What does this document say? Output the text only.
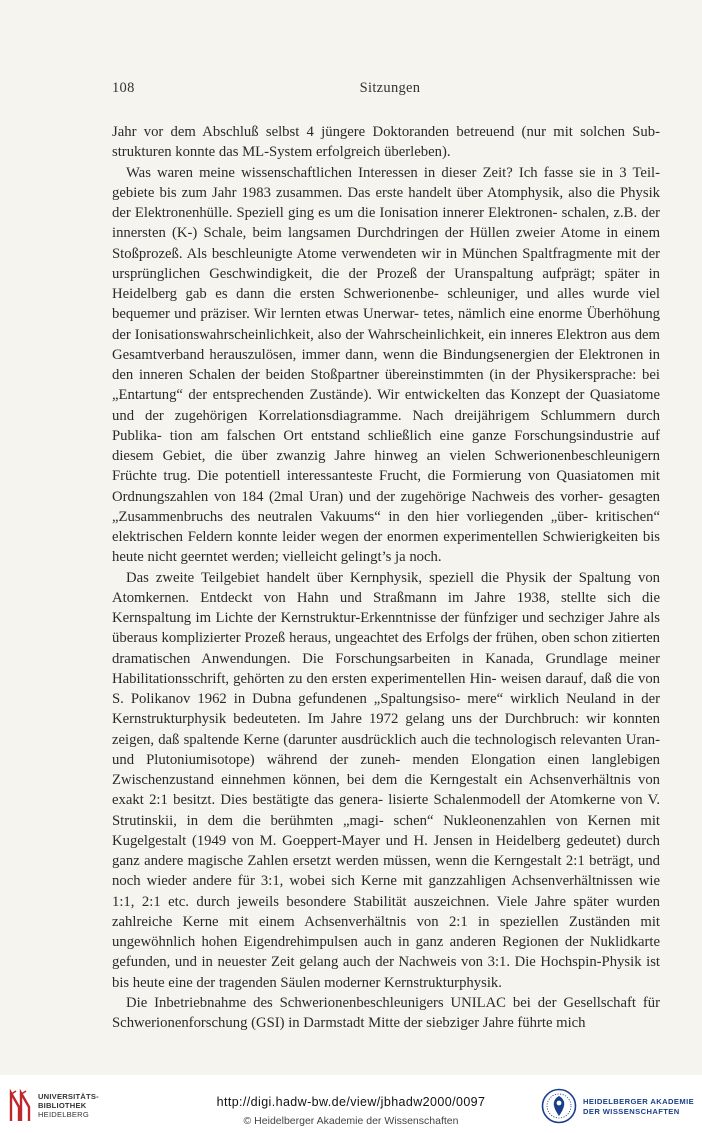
108	Sitzungen

Jahr vor dem Abschluß selbst 4 jüngere Doktoranden betreuend (nur mit solchen Sub- strukturen konnte das ML-System erfolgreich überleben).

Was waren meine wissenschaftlichen Interessen in dieser Zeit? Ich fasse sie in 3 Teil- gebiete bis zum Jahr 1983 zusammen. Das erste handelt über Atomphysik, also die Physik der Elektronenhülle. Speziell ging es um die Ionisation innerer Elektronen- schalen, z.B. der innersten (K-) Schale, beim langsamen Durchdringen der Hüllen zweier Atome in einem Stoßprozeß. Als beschleunigte Atome verwendeten wir in München Spaltfragmente mit der ursprünglichen Geschwindigkeit, die der Prozeß der Uranspaltung aufprägt; später in Heidelberg gab es dann die ersten Schwerionenbe- schleuniger, und alles wurde viel bequemer und präziser. Wir lernten etwas Unerwar- tetes, nämlich eine enorme Überhöhung der Ionisationswahrscheinlichkeit, also der Wahrscheinlichkeit, ein inneres Elektron aus dem Gesamtverband herauszulösen, immer dann, wenn die Bindungsenergien der Elektronen in den inneren Schalen der beiden Stoßpartner übereinstimmten (in der Physikersprache: bei „Entartung“ der entsprechenden Zustände). Wir entwickelten das Konzept der Quasiatome und der zugehörigen Korrelationsdiagramme. Nach dreijährigem Schlummern durch Publika- tion am falschen Ort entstand schließlich eine ganze Forschungsindustrie auf diesem Gebiet, die über zwanzig Jahre hinweg an vielen Schwerionenbeschleunigern Früchte trug. Die potentiell interessanteste Frucht, die Formierung von Quasiatomen mit Ordnungszahlen von 184 (2mal Uran) und der zugehörige Nachweis des vorher- gesagten „Zusammenbruchs des neutralen Vakuums“ in den hier vorliegenden „über- kritischen“ elektrischen Feldern konnte leider wegen der enormen experimentellen Schwierigkeiten bis heute nicht geerntet werden; vielleicht gelingt’s ja noch.

Das zweite Teilgebiet handelt über Kernphysik, speziell die Physik der Spaltung von Atomkernen. Entdeckt von Hahn und Straßmann im Jahre 1938, stellte sich die Kernspaltung im Lichte der Kernstruktur-Erkenntnisse der fünfziger und sechziger Jahre als überaus komplizierter Prozeß heraus, ungeachtet des Erfolgs der frühen, oben schon zitierten dramatischen Anwendungen. Die Forschungsarbeiten in Kanada, Grundlage meiner Habilitationsschrift, gehörten zu den ersten experimentellen Hin- weisen darauf, daß die von S. Polikanov 1962 in Dubna gefundenen „Spaltungsiso- mere“ wirklich Neuland in der Kernstrukturphysik bedeuteten. Im Jahre 1972 gelang uns der Durchbruch: wir konnten zeigen, daß spaltende Kerne (darunter ausdrücklich auch die technologisch relevanten Uran- und Plutoniumisotope) während der zuneh- menden Elongation einen langlebigen Zwischenzustand einnehmen können, bei dem die Kerngestalt ein Achsenverhältnis von exakt 2:1 besitzt. Dies bestätigte das genera- lisierte Schalenmodell der Atomkerne von V. Strutinskii, in dem die berühmten „magi- schen“ Nukleonenzahlen von Kernen mit Kugelgestalt (1949 von M. Goeppert-Mayer und H. Jensen in Heidelberg gedeutet) durch ganz andere magische Zahlen ersetzt werden müssen, wenn die Kerngestalt 2:1 beträgt, und noch wieder andere für 3:1, wobei sich Kerne mit ganzzahligen Achsenverhältnissen wie 1:1, 2:1 etc. durch jeweils besondere Stabilität auszeichnen. Viele Jahre später wurden zahlreiche Kerne mit einem Achsenverhältnis von 2:1 in speziellen Zuständen mit ungewöhnlich hohen Eigendrehimpulsen auch in ganz anderen Regionen der Nuklidkarte gefunden, und in neuester Zeit gelang auch der Nachweis von 3:1. Die Hochspin-Physik ist bis heute eine der tragenden Säulen moderner Kernstrukturphysik.

Die Inbetriebnahme des Schwerionenbeschleunigers UNILAC bei der Gesellschaft für Schwerionenforschung (GSI) in Darmstadt Mitte der siebziger Jahre führte mich

UNIVERSITÄTS-
BIBLIOTHEK
HEIDELBERG
http://digi.hadw-bw.de/view/jbhadw2000/0097
© Heidelberger Akademie der Wissenschaften
HEIDELBERGER AKADEMIE
DER WISSENSCHAFTEN
